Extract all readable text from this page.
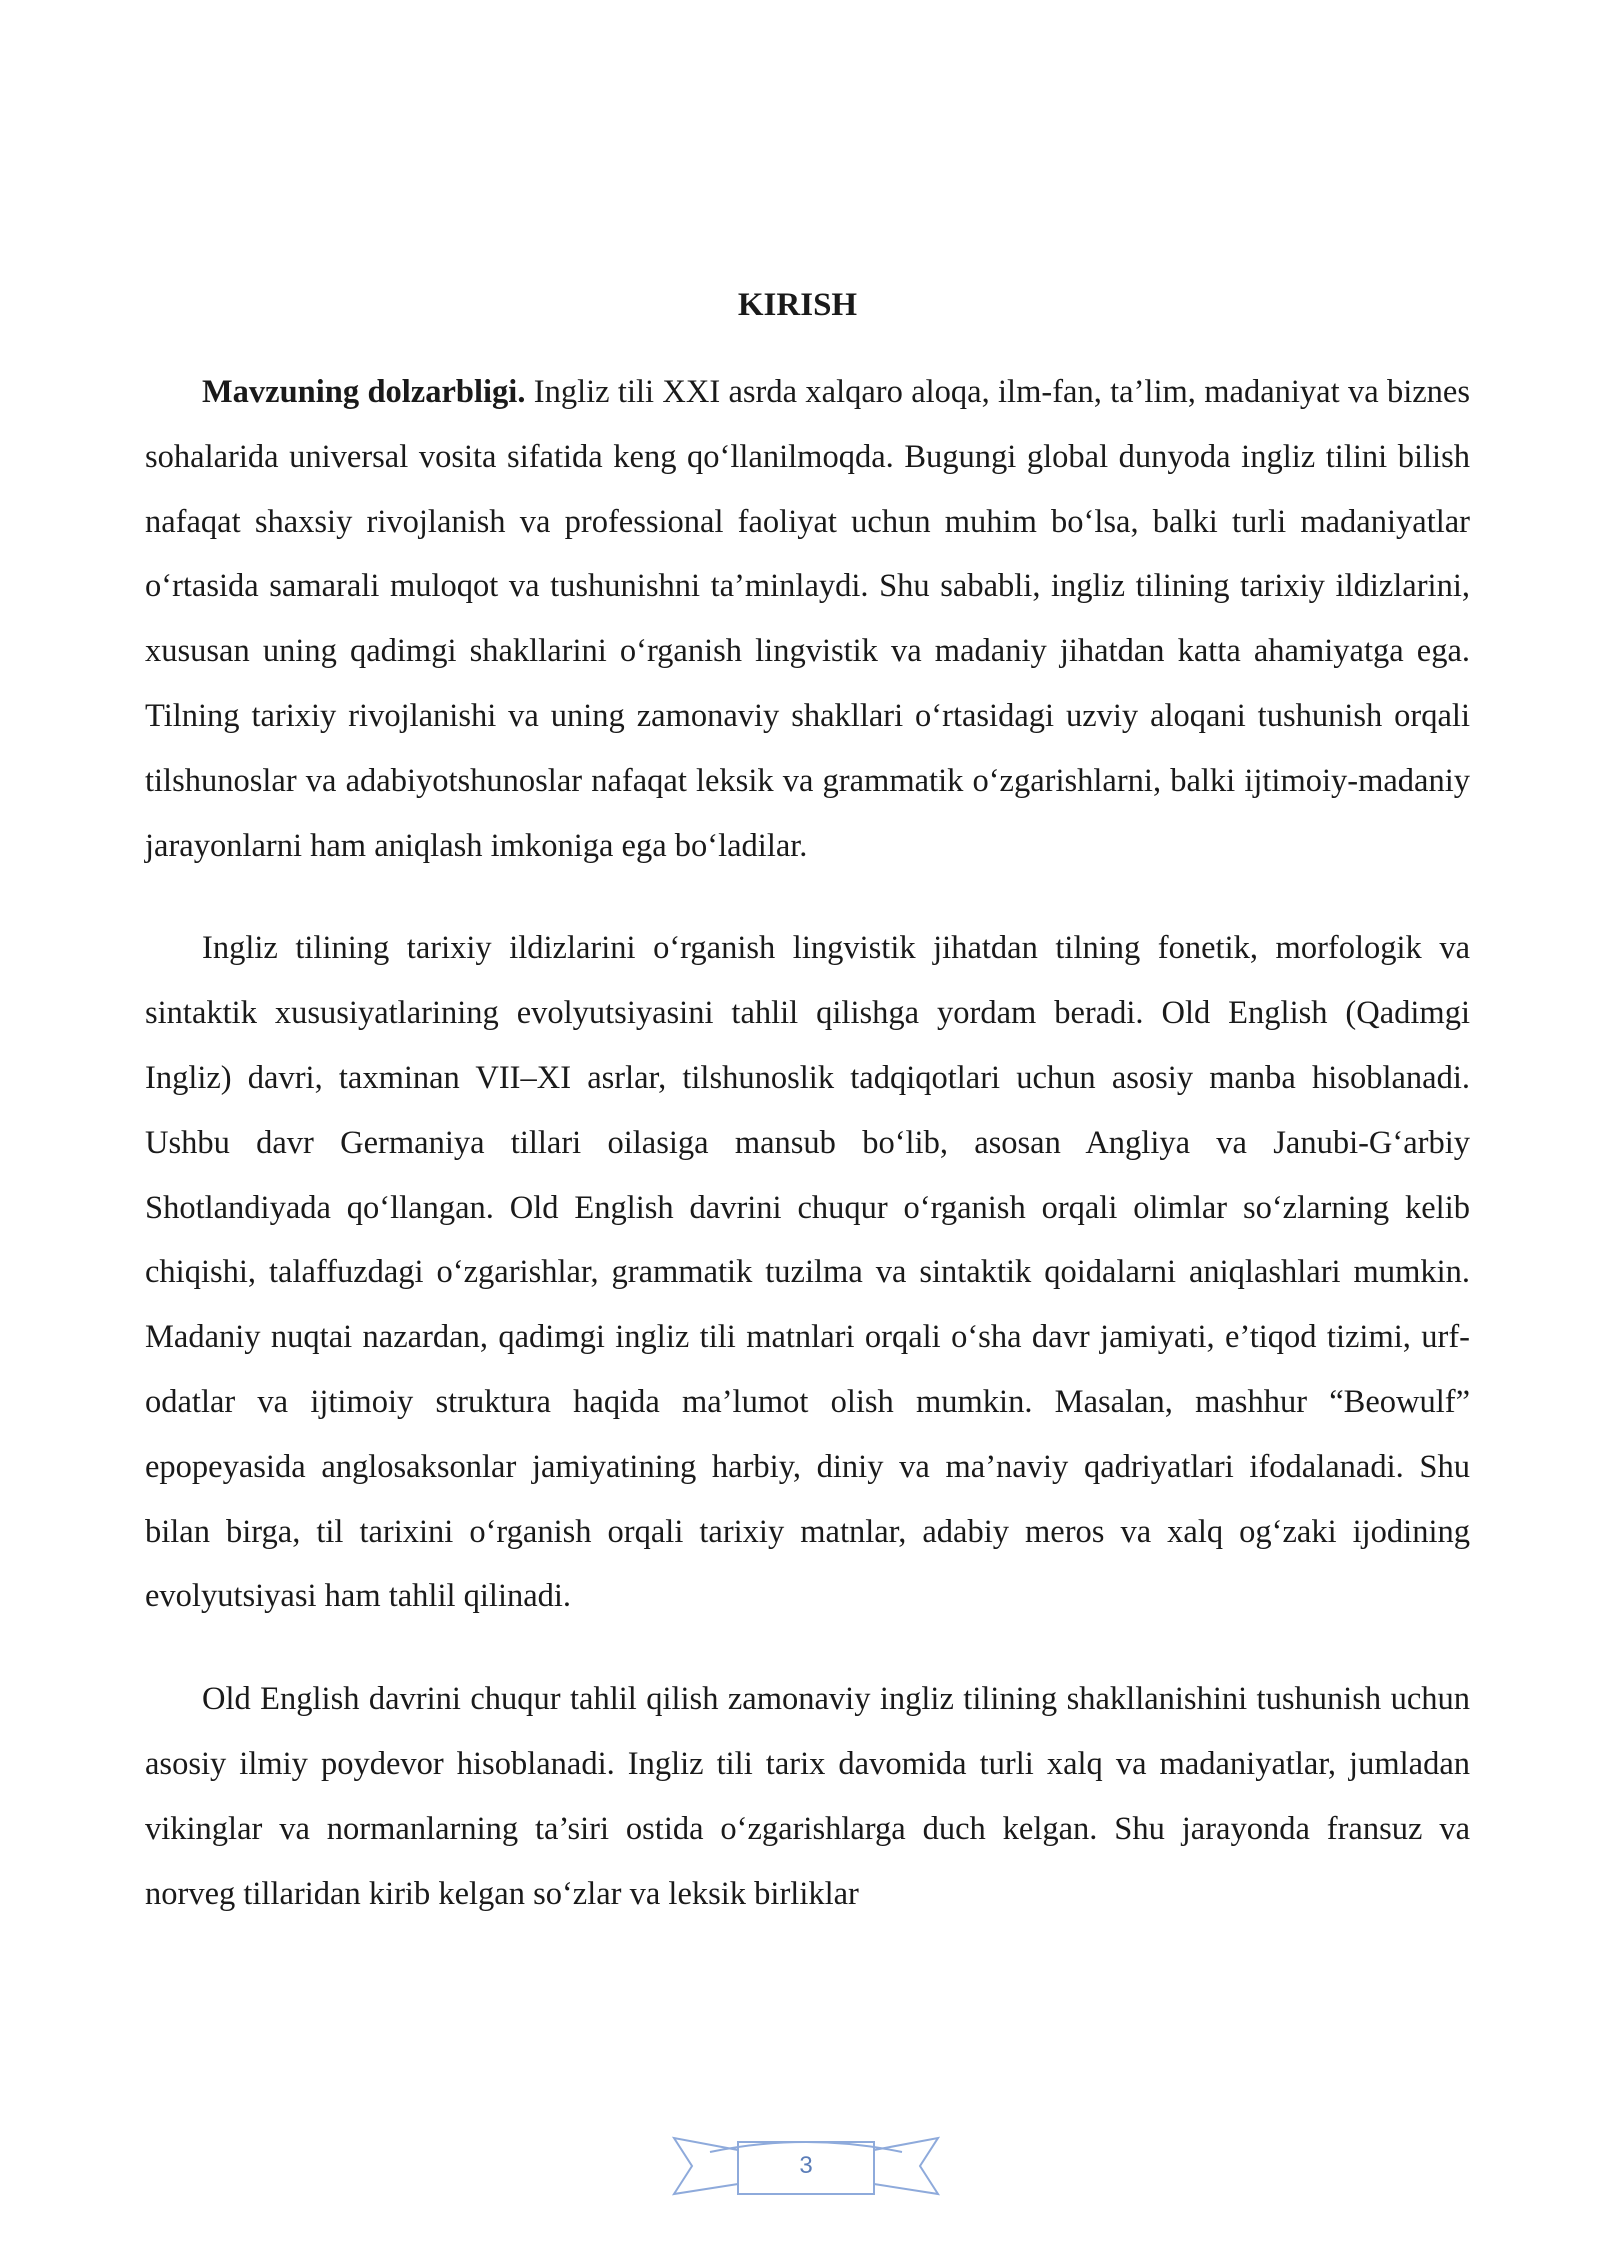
KIRISH

Mavzuning dolzarbligi. Ingliz tili XXI asrda xalqaro aloqa, ilm-fan, ta’lim, madaniyat va biznes sohalarida universal vosita sifatida keng qo‘llanilmoqda. Bugungi global dunyoda ingliz tilini bilish nafaqat shaxsiy rivojlanish va professional faoliyat uchun muhim bo‘lsa, balki turli madaniyatlar o‘rtasida samarali muloqot va tushunishni ta’minlaydi. Shu sababli, ingliz tilining tarixiy ildizlarini, xususan uning qadimgi shakllarini o‘rganish lingvistik va madaniy jihatdan katta ahamiyatga ega. Tilning tarixiy rivojlanishi va uning zamonaviy shakllari o‘rtasidagi uzviy aloqani tushunish orqali tilshunoslar va adabiyotshunoslar nafaqat leksik va grammatik o‘zgarishlarni, balki ijtimoiy-madaniy jarayonlarni ham aniqlash imkoniga ega bo‘ladilar.

Ingliz tilining tarixiy ildizlarini o‘rganish lingvistik jihatdan tilning fonetik, morfologik va sintaktik xususiyatlarining evolyutsiyasini tahlil qilishga yordam beradi. Old English (Qadimgi Ingliz) davri, taxminan VII–XI asrlar, tilshunoslik tadqiqotlari uchun asosiy manba hisoblanadi. Ushbu davr Germaniya tillari oilasiga mansub bo‘lib, asosan Angliya va Janubi-G‘arbiy Shotlandiyada qo‘llangan. Old English davrini chuqur o‘rganish orqali olimlar so‘zlarning kelib chiqishi, talaffuzdagi o‘zgarishlar, grammatik tuzilma va sintaktik qoidalarni aniqlashlari mumkin. Madaniy nuqtai nazardan, qadimgi ingliz tili matnlari orqali o‘sha davr jamiyati, e’tiqod tizimi, urf-odatlar va ijtimoiy struktura haqida ma’lumot olish mumkin. Masalan, mashhur “Beowulf” epopeyasida anglosaksonlar jamiyatining harbiy, diniy va ma’naviy qadriyatlari ifodalanadi. Shu bilan birga, til tarixini o‘rganish orqali tarixiy matnlar, adabiy meros va xalq og‘zaki ijodining evolyutsiyasi ham tahlil qilinadi.

Old English davrini chuqur tahlil qilish zamonaviy ingliz tilining shakllanishini tushunish uchun asosiy ilmiy poydevor hisoblanadi. Ingliz tili tarix davomida turli xalq va madaniyatlar, jumladan vikinglar va normanlarning ta’siri ostida o‘zgarishlarga duch kelgan. Shu jarayonda fransuz va norveg tillaridan kirib kelgan so‘zlar va leksik birliklar

3
